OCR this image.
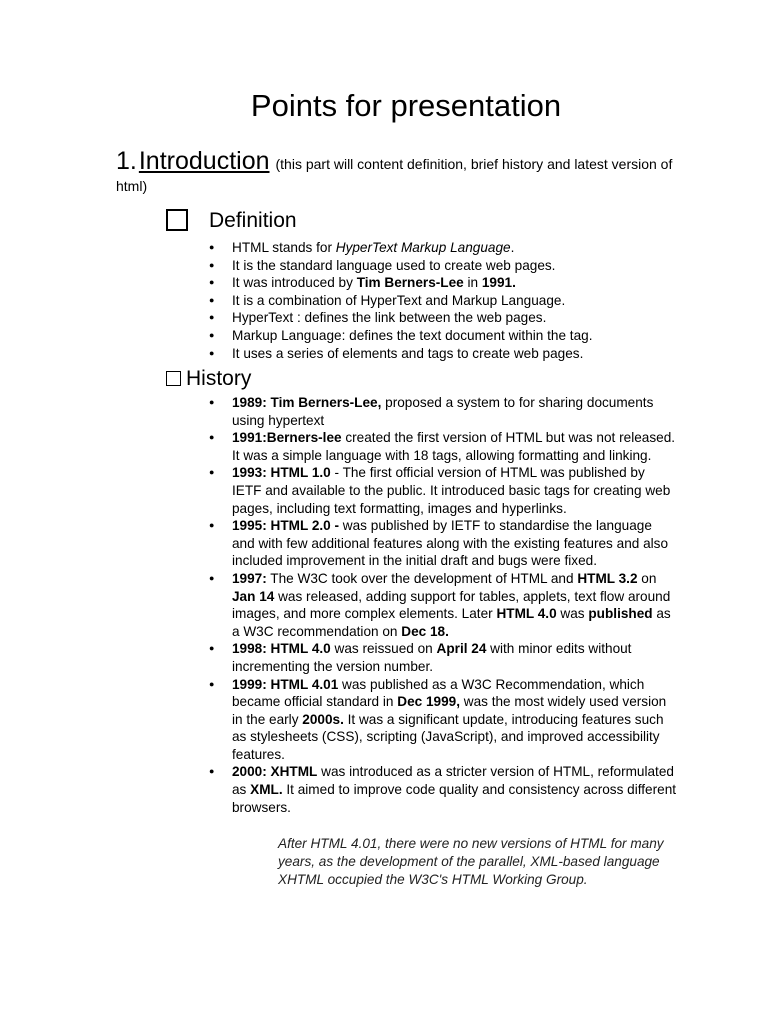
Points for presentation
1.Introduction (this part will content definition, brief history and latest version of html)
Definition
● HTML stands for HyperText Markup Language.
● It is the standard language used to create web pages.
● It was introduced by Tim Berners-Lee in 1991.
● It is a combination of HyperText and Markup Language.
● HyperText : defines the link between the web pages.
● Markup Language: defines the text document within the tag.
● It uses a series of elements and tags to create web pages.
History
● 1989: Tim Berners-Lee, proposed a system to for sharing documents using hypertext
● 1991:Berners-lee created the first version of HTML but was not released. It was a simple language with 18 tags, allowing formatting and linking.
● 1993: HTML 1.0 - The first official version of HTML was published by IETF and available to the public. It introduced basic tags for creating web pages, including text formatting, images and hyperlinks.
● 1995: HTML 2.0 - was published by IETF to standardise the language and with few additional features along with the existing features and also included improvement in the initial draft and bugs were fixed.
● 1997: The W3C took over the development of HTML and HTML 3.2 on Jan 14 was released, adding support for tables, applets, text flow around images, and more complex elements. Later HTML 4.0 was published as a W3C recommendation on Dec 18.
● 1998: HTML 4.0 was reissued on April 24 with minor edits without incrementing the version number.
● 1999: HTML 4.01 was published as a W3C Recommendation, which became official standard in Dec 1999, was the most widely used version in the early 2000s. It was a significant update, introducing features such as stylesheets (CSS), scripting (JavaScript), and improved accessibility features.
● 2000: XHTML was introduced as a stricter version of HTML, reformulated as XML. It aimed to improve code quality and consistency across different browsers.
After HTML 4.01, there were no new versions of HTML for many years, as the development of the parallel, XML-based language XHTML occupied the W3C's HTML Working Group.
